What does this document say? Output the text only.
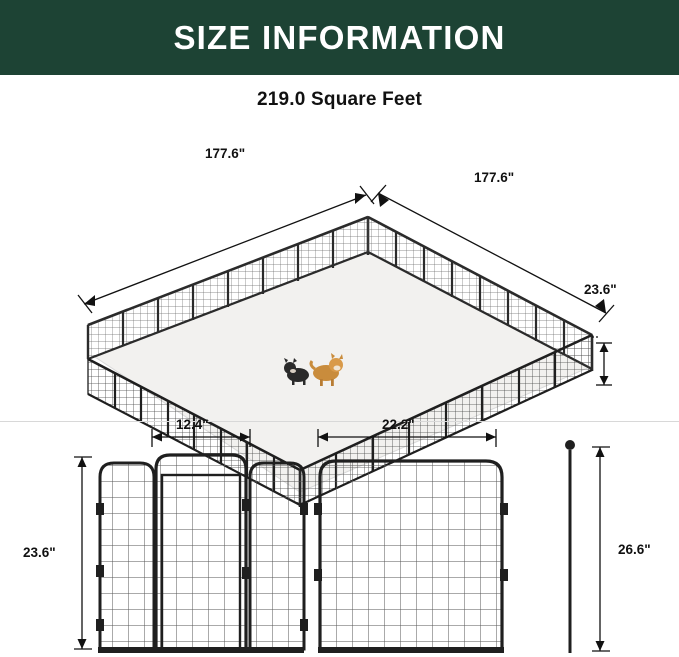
SIZE INFORMATION
219.0 Square Feet
177.6"
177.6"
23.6"
12.4"	22.2"
23.6"	26.6"
